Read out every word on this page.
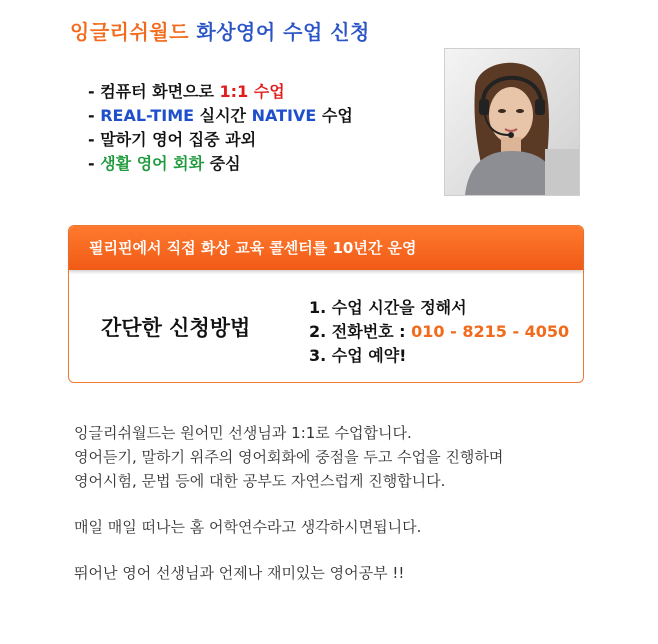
잉글리쉬월드 화상영어 수업 신청
- 컴퓨터 화면으로 1:1 수업
- REAL-TIME 실시간 NATIVE 수업
- 말하기 영어 집중 과외
- 생활 영어 회화 중심
필리핀에서 직접 화상 교육 콜센터를 10년간 운영
간단한 신청방법
1. 수업 시간을 정해서
2. 전화번호 : 010 - 8215 - 4050
3. 수업 예약!

잉글리쉬월드는 원어민 선생님과 1:1로 수업합니다.

영어듣기, 말하기 위주의 영어회화에 중점을 두고 수업을 진행하며

영어시험, 문법 등에 대한 공부도 자연스럽게 진행합니다.

매일 매일 떠나는 홈 어학연수라고 생각하시면됩니다.

뛰어난 영어 선생님과 언제나 재미있는 영어공부 !!
